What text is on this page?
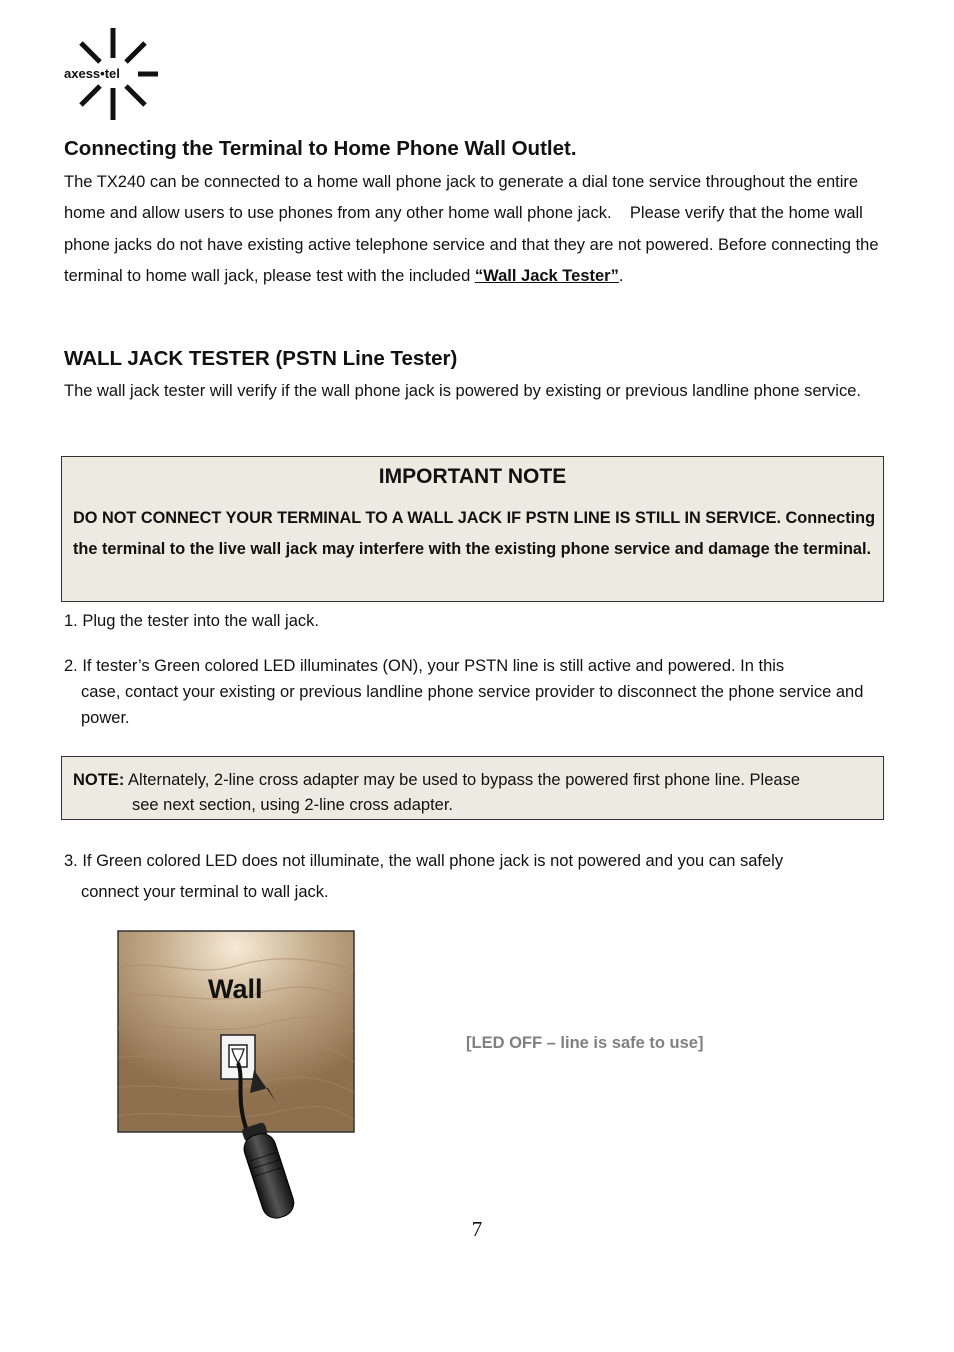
axess•tel
Connecting the Terminal to Home Phone Wall Outlet.

The TX240 can be connected to a home wall phone jack to generate a dial tone service throughout the entire home and allow users to use phones from any other home wall phone jack.    Please verify that the home wall phone jacks do not have existing active telephone service and that they are not powered. Before connecting the terminal to home wall jack, please test with the included “Wall Jack Tester”.

WALL JACK TESTER (PSTN Line Tester)

The wall jack tester will verify if the wall phone jack is powered by existing or previous landline phone service.

IMPORTANT NOTE
DO NOT CONNECT YOUR TERMINAL TO A WALL JACK IF PSTN LINE IS STILL IN SERVICE. Connecting the terminal to the live wall jack may interfere with the existing phone service and damage the terminal.

1. Plug the tester into the wall jack.

2. If tester’s Green colored LED illuminates (ON), your PSTN line is still active and powered. In this
case, contact your existing or previous landline phone service provider to disconnect the phone service and power.

NOTE: Alternately, 2-line cross adapter may be used to bypass the powered first phone line. Please
see next section, using 2-line cross adapter.

3. If Green colored LED does not illuminate, the wall phone jack is not powered and you can safely
connect your terminal to wall jack.

Wall
[LED OFF – line is safe to use]
7
